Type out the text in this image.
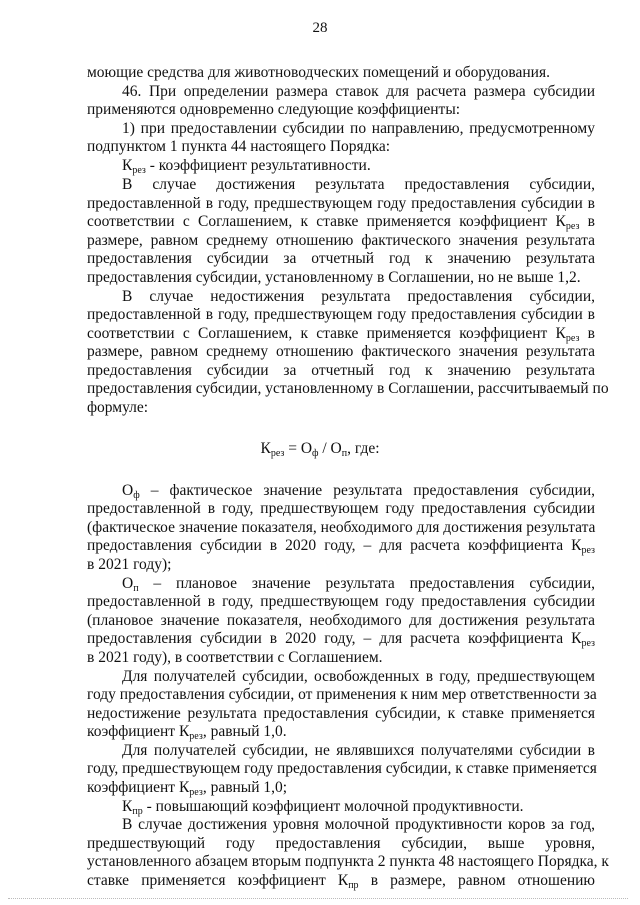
28
моющие средства для животноводческих помещений и оборудования.
46. При определении размера ставок для расчета размера субсидии
применяются одновременно следующие коэффициенты:
1) при предоставлении субсидии по направлению, предусмотренному
подпунктом 1 пункта 44 настоящего Порядка:
$К_{рез}$ - коэффициент результативности.
В случае достижения результата предоставления субсидии,
предоставленной в году, предшествующем году предоставления субсидии в
соответствии с Соглашением, к ставке применяется коэффициент $К_{рез}$ в
размере, равном среднему отношению фактического значения результата
предоставления субсидии за отчетный год к значению результата
предоставления субсидии, установленному в Соглашении, но не выше 1,2.
В случае недостижения результата предоставления субсидии,
предоставленной в году, предшествующем году предоставления субсидии в
соответствии с Соглашением, к ставке применяется коэффициент $К_{рез}$ в
размере, равном среднему отношению фактического значения результата
предоставления субсидии за отчетный год к значению результата
предоставления субсидии, установленному в Соглашении, рассчитываемый по
формуле:
$К_{рез} = О_ф / О_п$, где:
$О_ф$ – фактическое значение результата предоставления субсидии,
предоставленной в году, предшествующем году предоставления субсидии
(фактическое значение показателя, необходимого для достижения результата
предоставления субсидии в 2020 году, – для расчета коэффициента $К_{рез}$
в 2021 году);
$О_п$ – плановое значение результата предоставления субсидии,
предоставленной в году, предшествующем году предоставления субсидии
(плановое значение показателя, необходимого для достижения результата
предоставления субсидии в 2020 году, – для расчета коэффициента $К_{рез}$
в 2021 году), в соответствии с Соглашением.
Для получателей субсидии, освобожденных в году, предшествующем
году предоставления субсидии, от применения к ним мер ответственности за
недостижение результата предоставления субсидии, к ставке применяется
коэффициент $К_{рез}$, равный 1,0.
Для получателей субсидии, не являвшихся получателями субсидии в
году, предшествующем году предоставления субсидии, к ставке применяется
коэффициент $К_{рез}$, равный 1,0;
$К_{пр}$ - повышающий коэффициент молочной продуктивности.
В случае достижения уровня молочной продуктивности коров за год,
предшествующий году предоставления субсидии, выше уровня,
установленного абзацем вторым подпункта 2 пункта 48 настоящего Порядка, к
ставке применяется коэффициент $К_{пр}$ в размере, равном отношению
